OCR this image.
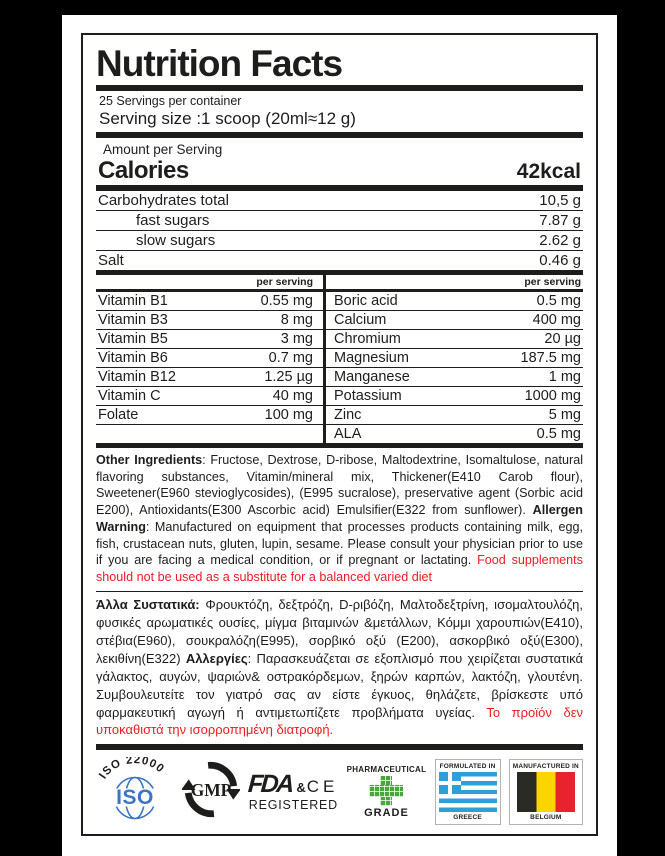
Nutrition Facts
25 Servings per container
Serving size :1 scoop (20ml≈12 g)
Amount per Serving
Calories	42kcal
Carbohydrates total	10,5 g
fast sugars	7.87 g
slow sugars	2.62 g
Salt	0.46 g
per serving
Vitamin B1	0.55 mg
Vitamin B3	8 mg
Vitamin B5	3 mg
Vitamin B6	0.7 mg
Vitamin B12	1.25 µg
Vitamin C	40 mg
Folate	100 mg
per serving
Boric acid	0.5 mg
Calcium	400 mg
Chromium	20 µg
Magnesium	187.5 mg
Manganese	1 mg
Potassium	1000 mg
Zinc	5 mg
ALA	0.5 mg

Other Ingredients: Fructose, Dextrose, D-ribose, Maltodextrine, Isomaltulose, natural flavoring substances, Vitamin/mineral mix, Thickener(E410 Carob flour), Sweetener(E960 stevioglycosides), (E995 sucralose), preservative agent (Sorbic acid E200), Antioxidants(E300 Ascorbic acid) Emulsifier(E322 from sunflower). Allergen Warning: Manufactured on equipment that processes products containing milk, egg, fish, crustacean nuts, gluten, lupin, sesame. Please consult your physician prior to use if you are facing a medical condition, or if pregnant or lactating. Food supplements should not be used as a substitute for a balanced varied diet

Άλλα Συστατικά: Φρουκτόζη, δεξτρόζη, D-ριβόζη, Μαλτοδεξτρίνη, ισομαλτουλόζη, φυσικές αρωματικές ουσίες, μίγμα βιταμινών &μετάλλων, Κόμμι χαρουπιών(E410), στέβια(E960), σουκραλόζη(E995), σορβικό οξύ (E200), ασκορβικό οξύ(E300), λεκιθίνη(E322) Αλλεργίες: Παρασκευάζεται σε εξοπλισμό που χειρίζεται συστατικά γάλακτος, αυγών, ψαριών& οστρακόρδεμων, ξηρών καρπών, λακτόζη, γλουτένη. Συμβουλευτείτε τον γιατρό σας αν είστε έγκυος, θηλάζετε, βρίσκεστε υπό φαρμακευτική αγωγή ή αντιμετωπίζετε προβλήματα υγείας. Το προϊόν δεν υποκαθιστά την ισορροπημένη διατροφή.

ISO 22000
ISO GMP FDA & CE
REGISTERED
PHARMACEUTICAL
GRADE
FORMULATED IN
GREECE
MANUFACTURED IN
BELGIUM
